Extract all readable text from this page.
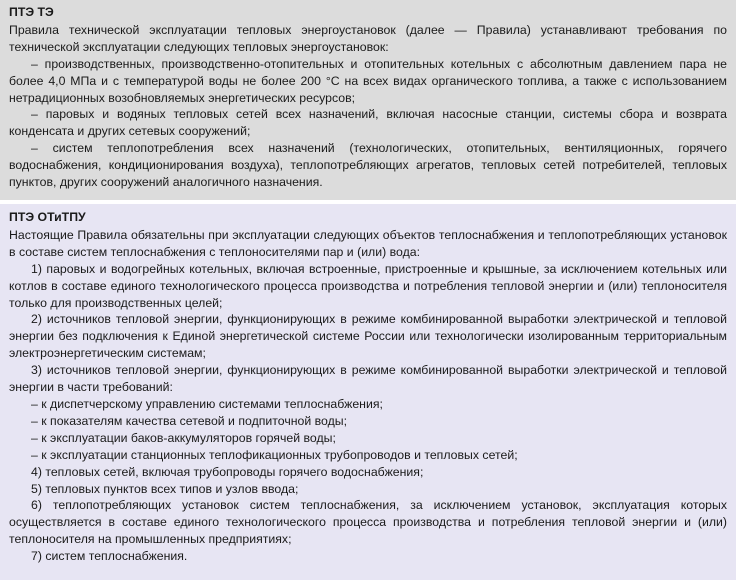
ПТЭ ТЭ

Правила технической эксплуатации тепловых энергоустановок (далее — Правила) устанавливают требования по технической эксплуатации следующих тепловых энергоустановок:

– производственных, производственно-отопительных и отопительных котельных с абсолютным давлением пара не более 4,0 МПа и с температурой воды не более 200 °С на всех видах органического топлива, а также с использованием нетрадиционных возобновляемых энергетических ресурсов;

– паровых и водяных тепловых сетей всех назначений, включая насосные станции, системы сбора и возврата конденсата и других сетевых сооружений;

– систем теплопотребления всех назначений (технологических, отопительных, вентиляционных, горячего водоснабжения, кондиционирования воздуха), теплопотребляющих агрегатов, тепловых сетей потребителей, тепловых пунктов, других сооружений аналогичного назначения.

ПТЭ ОТиТПУ

Настоящие Правила обязательны при эксплуатации следующих объектов теплоснабжения и теплопотребляющих установок в составе систем теплоснабжения с теплоносителями пар и (или) вода:

1) паровых и водогрейных котельных, включая встроенные, пристроенные и крышные, за исключением котельных или котлов в составе единого технологического процесса производства и потребления тепловой энергии и (или) теплоносителя только для производственных целей;

2) источников тепловой энергии, функционирующих в режиме комбинированной выработки электрической и тепловой энергии без подключения к Единой энергетической системе России или технологически изолированным территориальным электроэнергетическим системам;

3) источников тепловой энергии, функционирующих в режиме комбинированной выработки электрической и тепловой энергии в части требований:

– к диспетчерскому управлению системами теплоснабжения;

– к показателям качества сетевой и подпиточной воды;

– к эксплуатации баков-аккумуляторов горячей воды;

– к эксплуатации станционных теплофикационных трубопроводов и тепловых сетей;

4) тепловых сетей, включая трубопроводы горячего водоснабжения;

5) тепловых пунктов всех типов и узлов ввода;

6) теплопотребляющих установок систем теплоснабжения, за исключением установок, эксплуатация которых осуществляется в составе единого технологического процесса производства и потребления тепловой энергии и (или) теплоносителя на промышленных предприятиях;

7) систем теплоснабжения.
